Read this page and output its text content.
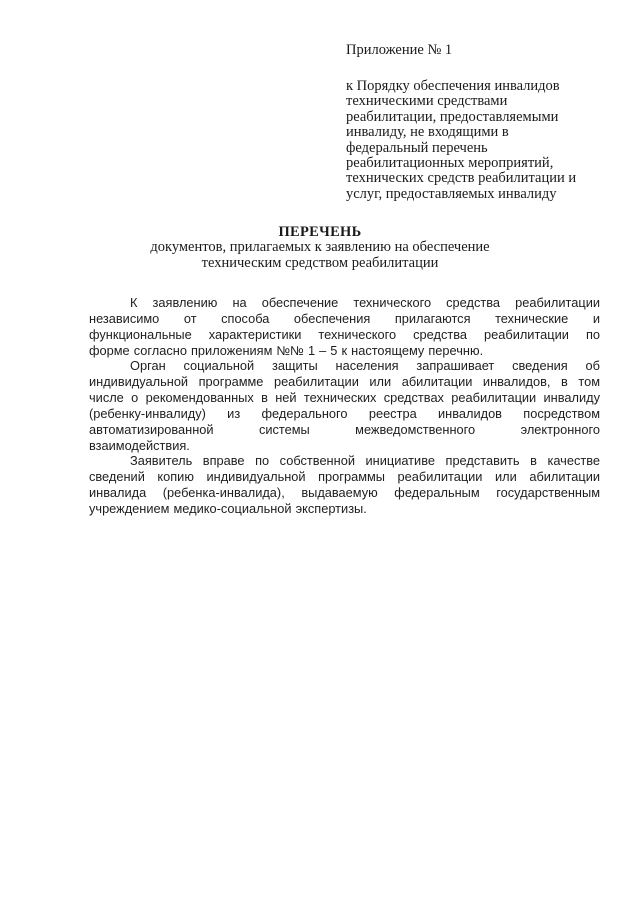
Приложение № 1
к Порядку обеспечения инвалидов
техническими средствами
реабилитации, предоставляемыми
инвалиду, не входящими в
федеральный перечень
реабилитационных мероприятий,
технических средств реабилитации и
услуг, предоставляемых инвалиду
ПЕРЕЧЕНЬ
документов, прилагаемых к заявлению на обеспечение
техническим средством реабилитации
К заявлению на обеспечение технического средства реабилитации
независимо от способа обеспечения прилагаются технические и
функциональные характеристики технического средства реабилитации по
форме согласно приложениям №№ 1 – 5 к настоящему перечню.
Орган социальной защиты населения запрашивает сведения об
индивидуальной программе реабилитации или абилитации инвалидов, в том
числе о рекомендованных в ней технических средствах реабилитации инвалиду
(ребенку-инвалиду) из федерального реестра инвалидов посредством
автоматизированной системы межведомственного электронного
взаимодействия.
Заявитель вправе по собственной инициативе представить в качестве
сведений копию индивидуальной программы реабилитации или абилитации
инвалида (ребенка-инвалида), выдаваемую федеральным государственным
учреждением медико-социальной экспертизы.
